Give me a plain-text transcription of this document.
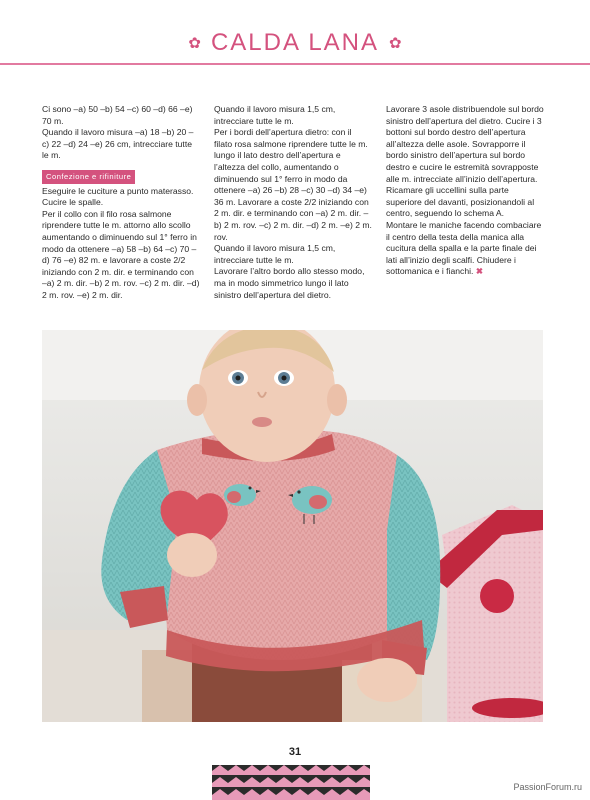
✿ CALDA LANA ✿

Ci sono –a) 50 –b) 54 –c) 60 –d) 66 –e) 70 m.

Quando il lavoro misura –a) 18 –b) 20 –c) 22 –d) 24 –e) 26 cm, intrecciare tutte le m.

Confezione e rifiniture

Eseguire le cuciture a punto materasso. Cucire le spalle.

Per il collo con il filo rosa salmone riprendere tutte le m. attorno allo scollo aumentando o diminuendo sul 1° ferro in modo da ottenere –a) 58 –b) 64 –c) 70 –d) 76 –e) 82 m. e lavorare a coste 2/2 iniziando con 2 m. dir. e terminando con –a) 2 m. dir. –b) 2 m. rov. –c) 2 m. dir. –d) 2 m. rov. –e) 2 m. dir.

Quando il lavoro misura 1,5 cm, intrecciare tutte le m.

Per i bordi dell’apertura dietro: con il filato rosa salmone riprendere tutte le m. lungo il lato destro dell’apertura e l’altezza del collo, aumentando o diminuendo sul 1° ferro in modo da ottenere –a) 26 –b) 28 –c) 30 –d) 34 –e) 36 m. Lavorare a coste 2/2 iniziando con 2 m. dir. e terminando con –a) 2 m. dir. –b) 2 m. rov. –c) 2 m. dir. –d) 2 m. –e) 2 m. rov.

Quando il lavoro misura 1,5 cm, intrecciare tutte le m.

Lavorare l’altro bordo allo stesso modo, ma in modo simmetrico lungo il lato sinistro dell’apertura del dietro.

Lavorare 3 asole distribuendole sul bordo sinistro dell’apertura del dietro. Cucire i 3 bottoni sul bordo destro dell’apertura all’altezza delle asole. Sovrapporre il bordo sinistro dell’apertura sul bordo destro e cucire le estremità sovrapposte alle m. intrecciate all’inizio dell’apertura.

Ricamare gli uccellini sulla parte superiore del davanti, posizionandoli al centro, seguendo lo schema A.

Montare le maniche facendo combaciare il centro della testa della manica alla cucitura della spalla e la parte finale dei lati all’inizio degli scalfi. Chiudere i sottomanica e i fianchi. ✖

31
PassionForum.ru
